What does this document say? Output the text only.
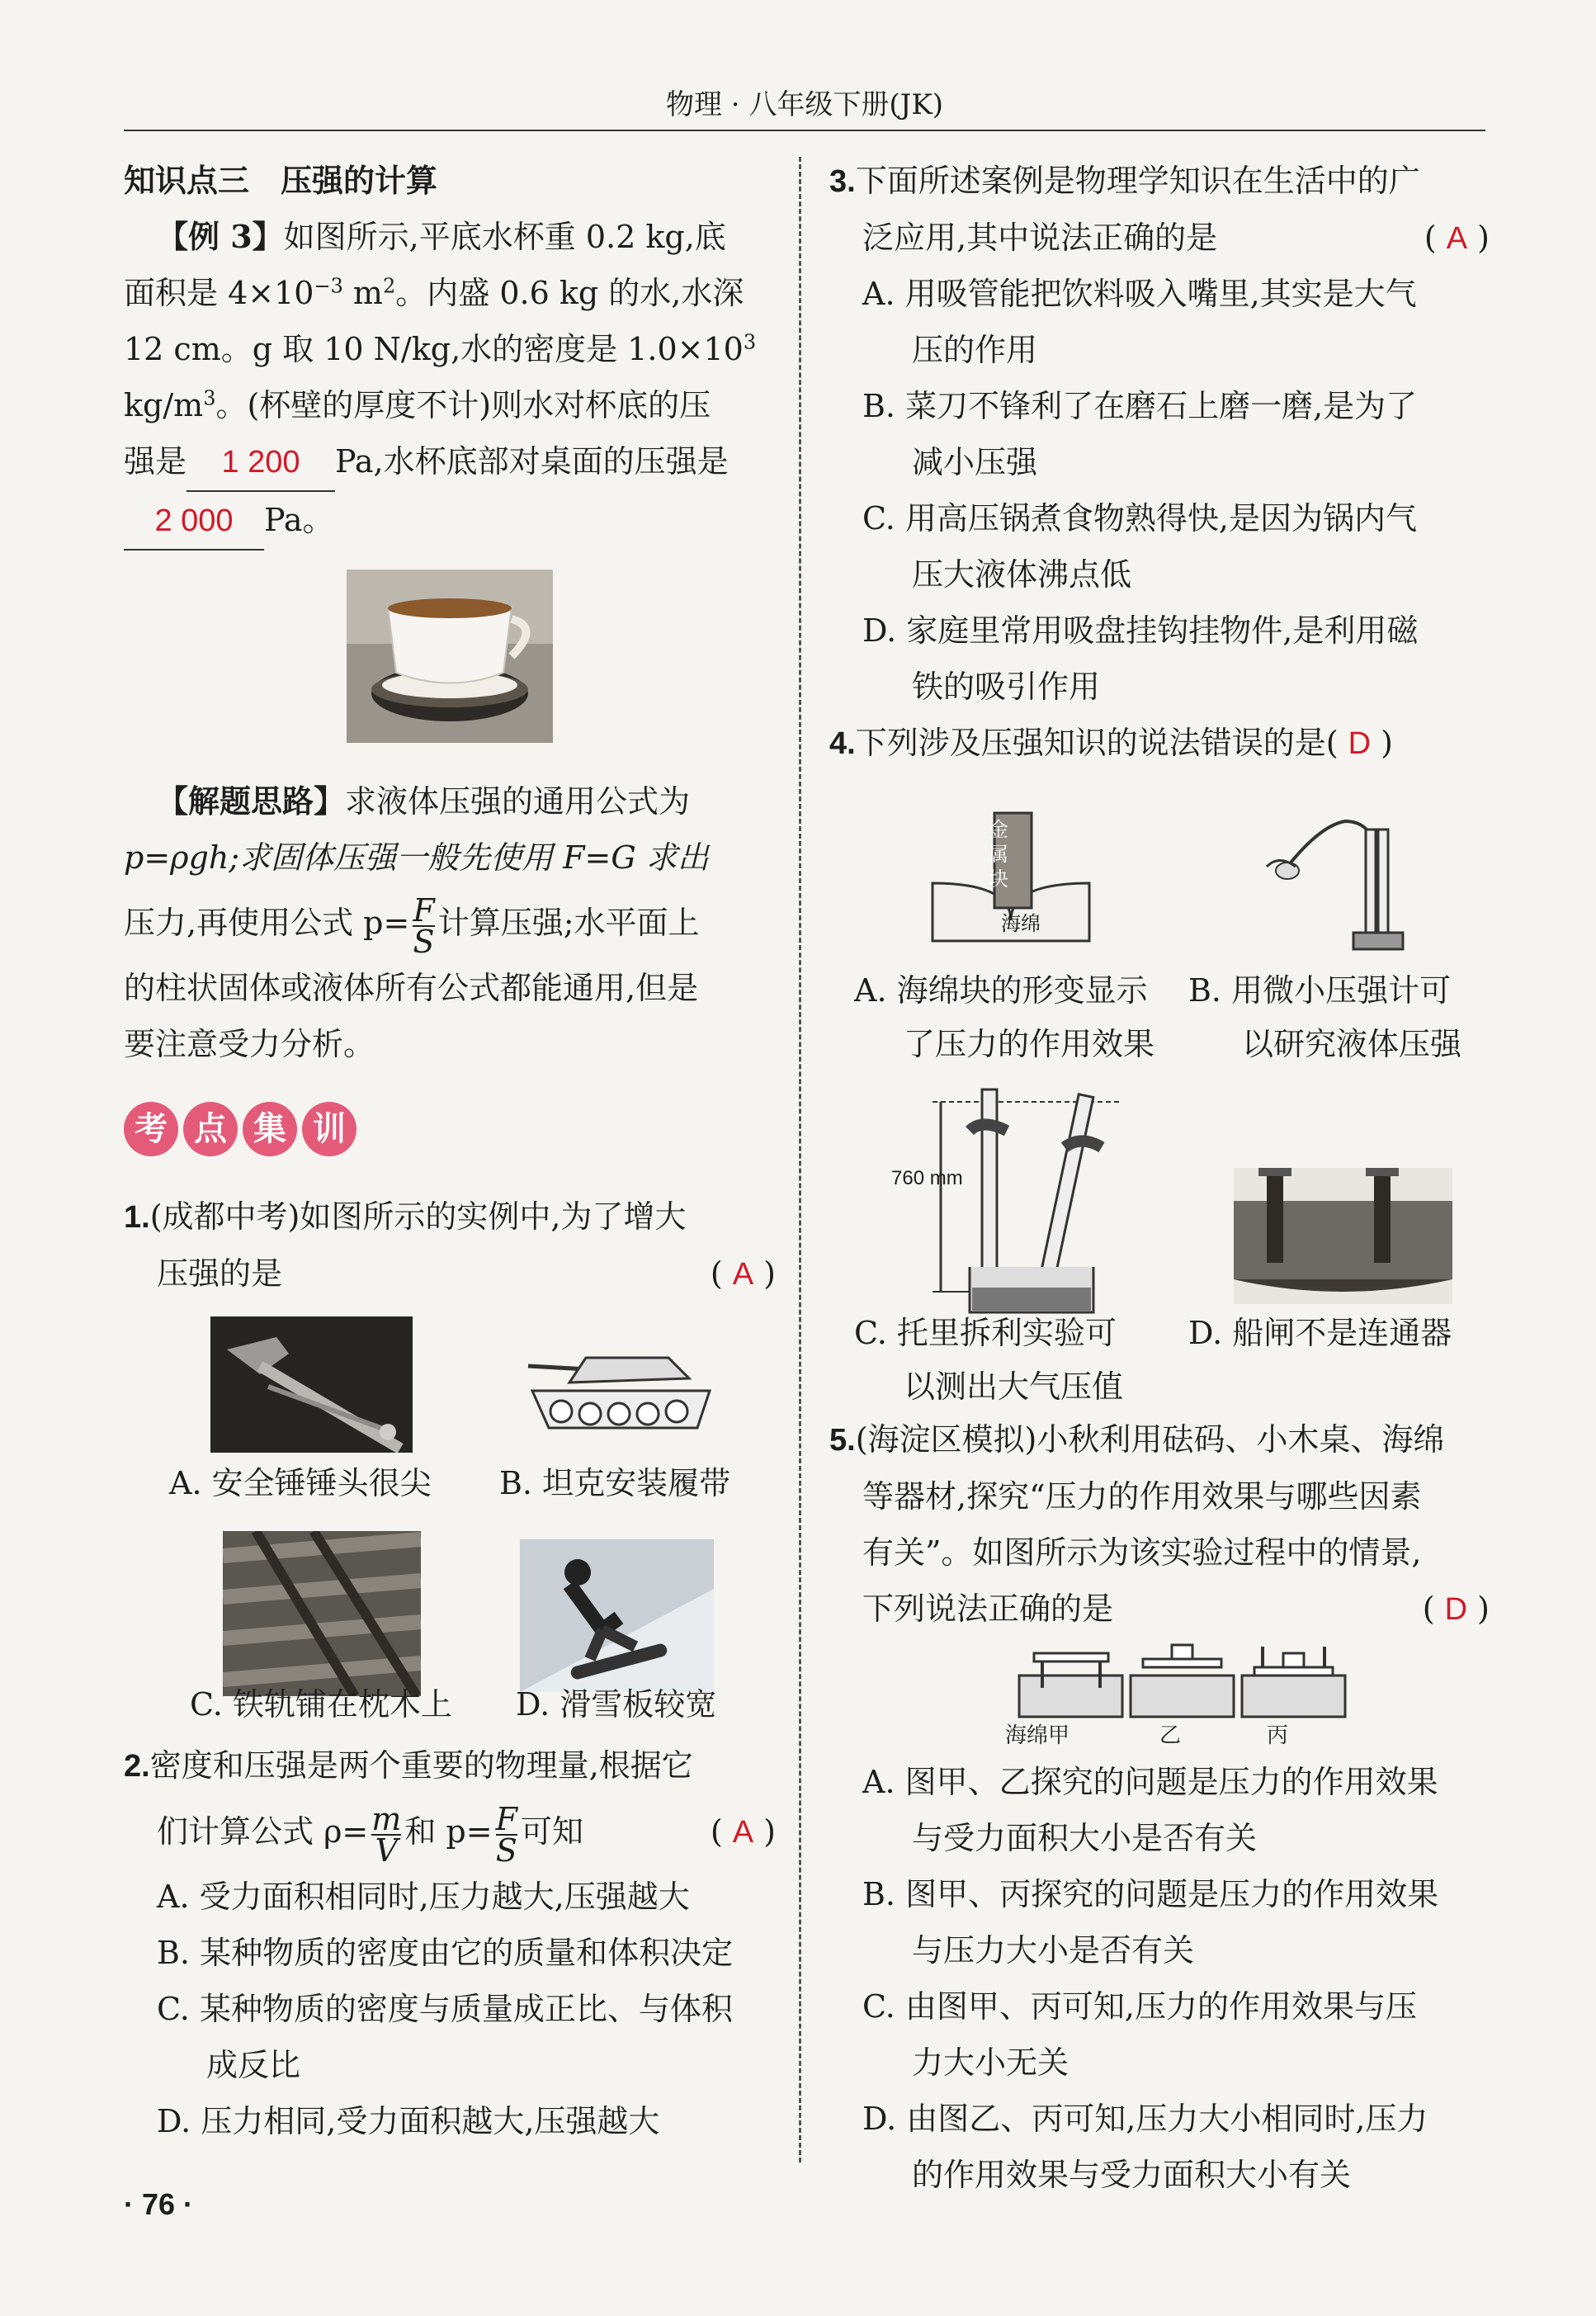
物理 · 八年级下册(JK)

知识点三　压强的计算

【例 3】如图所示,平底水杯重 0.2 kg,底

面积是 $4\times 10^{-3}$ $m^2$。内盛 0.6 kg 的水,水深

12 cm。g 取 10 N/kg,水的密度是 $1.0\times 10^3$

$kg/m^3$。(杯壁的厚度不计)则水对杯底的压

强是 1 200 Pa,水杯底部对桌面的压强是

2 000 Pa。

【解题思路】求液体压强的通用公式为

p=ρgh;求固体压强一般先使用 F=G 求出

压力,再使用公式 $p= \frac{F}{S}$ 计算压强;水平面上

的柱状固体或液体所有公式都能通用,但是

要注意受力分析。

考 点 集 训

1.(成都中考)如图所示的实例中,为了增大

压强的是	( A )

A. 安全锤锤头很尖 B. 坦克安装履带
C. 铁轨铺在枕木上 D. 滑雪板较宽

2.密度和压强是两个重要的物理量,根据它

们计算公式 $\rho= \frac{m}{V}$ 和 $p= \frac{F}{S}$ 可知	( A )

A. 受力面积相同时,压力越大,压强越大

B. 某种物质的密度由它的质量和体积决定

C. 某种物质的密度与质量成正比、与体积

成反比

D. 压力相同,受力面积越大,压强越大

3.下面所述案例是物理学知识在生活中的广

泛应用,其中说法正确的是	( A )

A. 用吸管能把饮料吸入嘴里,其实是大气

压的作用

B. 菜刀不锋利了在磨石上磨一磨,是为了

减小压强

C. 用高压锅煮食物熟得快,是因为锅内气

压大液体沸点低

D. 家庭里常用吸盘挂钩挂物件,是利用磁

铁的吸引作用

4.下列涉及压强知识的说法错误的是( D )

海绵
金
属
块
A. 海绵块的形变显示
了压力的作用效果
B. 用微小压强计可
以研究液体压强
760 mm
C. 托里拆利实验可
以测出大气压值
D. 船闸不是连通器

5.(海淀区模拟)小秋利用砝码、小木桌、海绵

等器材,探究“压力的作用效果与哪些因素

有关”。如图所示为该实验过程中的情景,

下列说法正确的是	( D )

海绵甲	乙	丙

A. 图甲、乙探究的问题是压力的作用效果

与受力面积大小是否有关

B. 图甲、丙探究的问题是压力的作用效果

与压力大小是否有关

C. 由图甲、丙可知,压力的作用效果与压

力大小无关

D. 由图乙、丙可知,压力大小相同时,压力

的作用效果与受力面积大小有关

· 76 ·
